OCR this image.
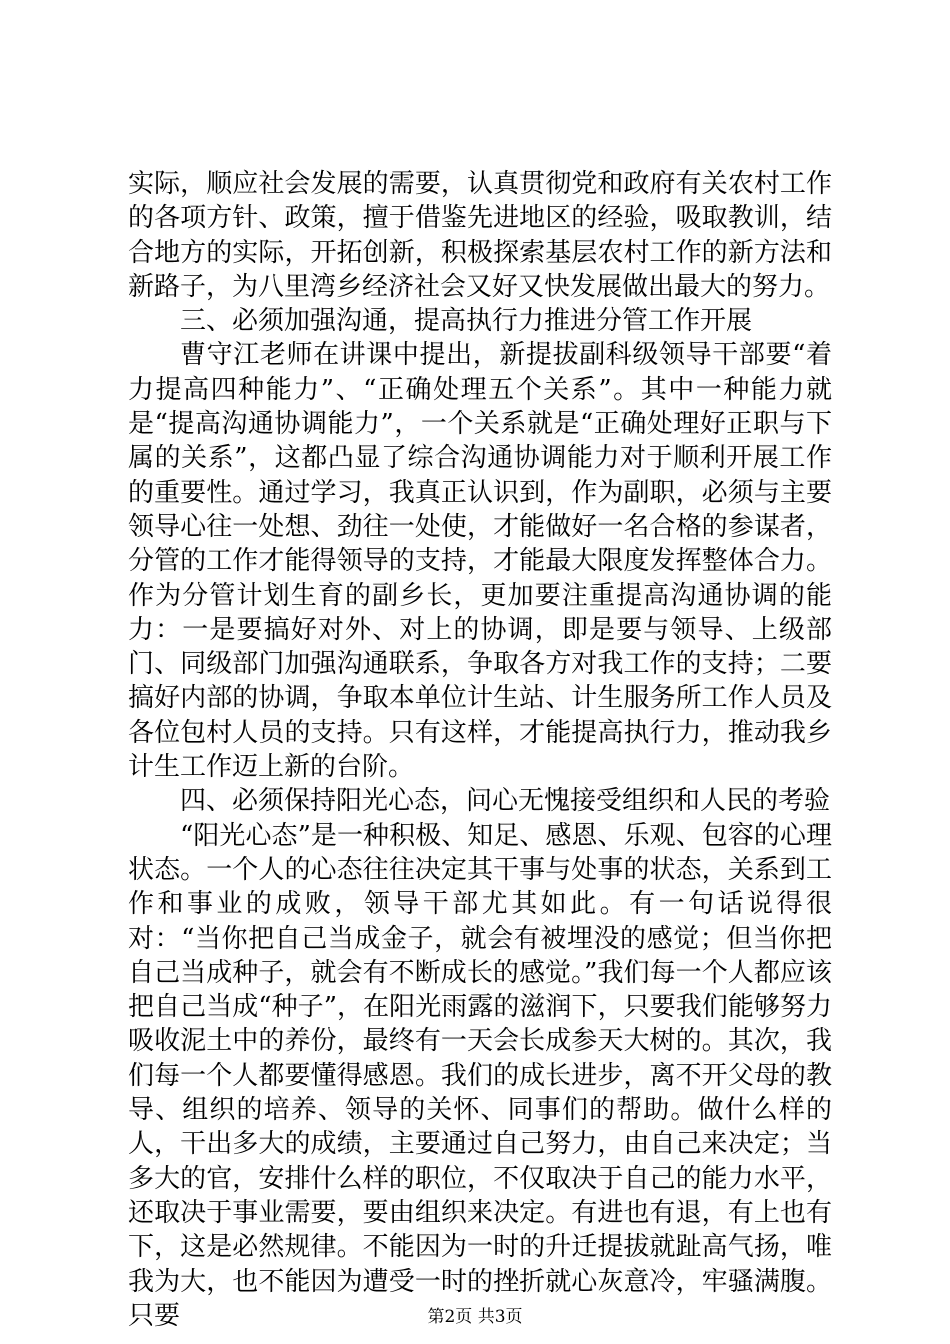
实际，顺应社会发展的需要，认真贯彻党和政府有关农村工作的各项方针、政策，擅于借鉴先进地区的经验，吸取教训，结合地方的实际，开拓创新，积极探索基层农村工作的新方法和新路子，为八里湾乡经济社会又好又快发展做出最大的努力。

三、必须加强沟通，提高执行力推进分管工作开展

曹守江老师在讲课中提出，新提拔副科级领导干部要“着力提高四种能力”、“正确处理五个关系”。其中一种能力就是“提高沟通协调能力”，一个关系就是“正确处理好正职与下属的关系”，这都凸显了综合沟通协调能力对于顺利开展工作的重要性。通过学习，我真正认识到，作为副职，必须与主要领导心往一处想、劲往一处使，才能做好一名合格的参谋者，分管的工作才能得领导的支持，才能最大限度发挥整体合力。作为分管计划生育的副乡长，更加要注重提高沟通协调的能力：一是要搞好对外、对上的协调，即是要与领导、上级部门、同级部门加强沟通联系，争取各方对我工作的支持；二要搞好内部的协调，争取本单位计生站、计生服务所工作人员及各位包村人员的支持。只有这样，才能提高执行力，推动我乡计生工作迈上新的台阶。

四、必须保持阳光心态，问心无愧接受组织和人民的考验

“阳光心态”是一种积极、知足、感恩、乐观、包容的心理状态。一个人的心态往往决定其干事与处事的状态，关系到工作和事业的成败，领导干部尤其如此。有一句话说得很对：“当你把自己当成金子，就会有被埋没的感觉；但当你把自己当成种子，就会有不断成长的感觉。”我们每一个人都应该把自己当成“种子”，在阳光雨露的滋润下，只要我们能够努力吸收泥土中的养份，最终有一天会长成参天大树的。其次，我们每一个人都要懂得感恩。我们的成长进步，离不开父母的教导、组织的培养、领导的关怀、同事们的帮助。做什么样的人，干出多大的成绩，主要通过自己努力，由自己来决定；当多大的官，安排什么样的职位，不仅取决于自己的能力水平，还取决于事业需要，要由组织来决定。有进也有退，有上也有下，这是必然规律。不能因为一时的升迁提拔就趾高气扬，唯我为大，也不能因为遭受一时的挫折就心灰意冷，牢骚满腹。只要	第2页 共3页
